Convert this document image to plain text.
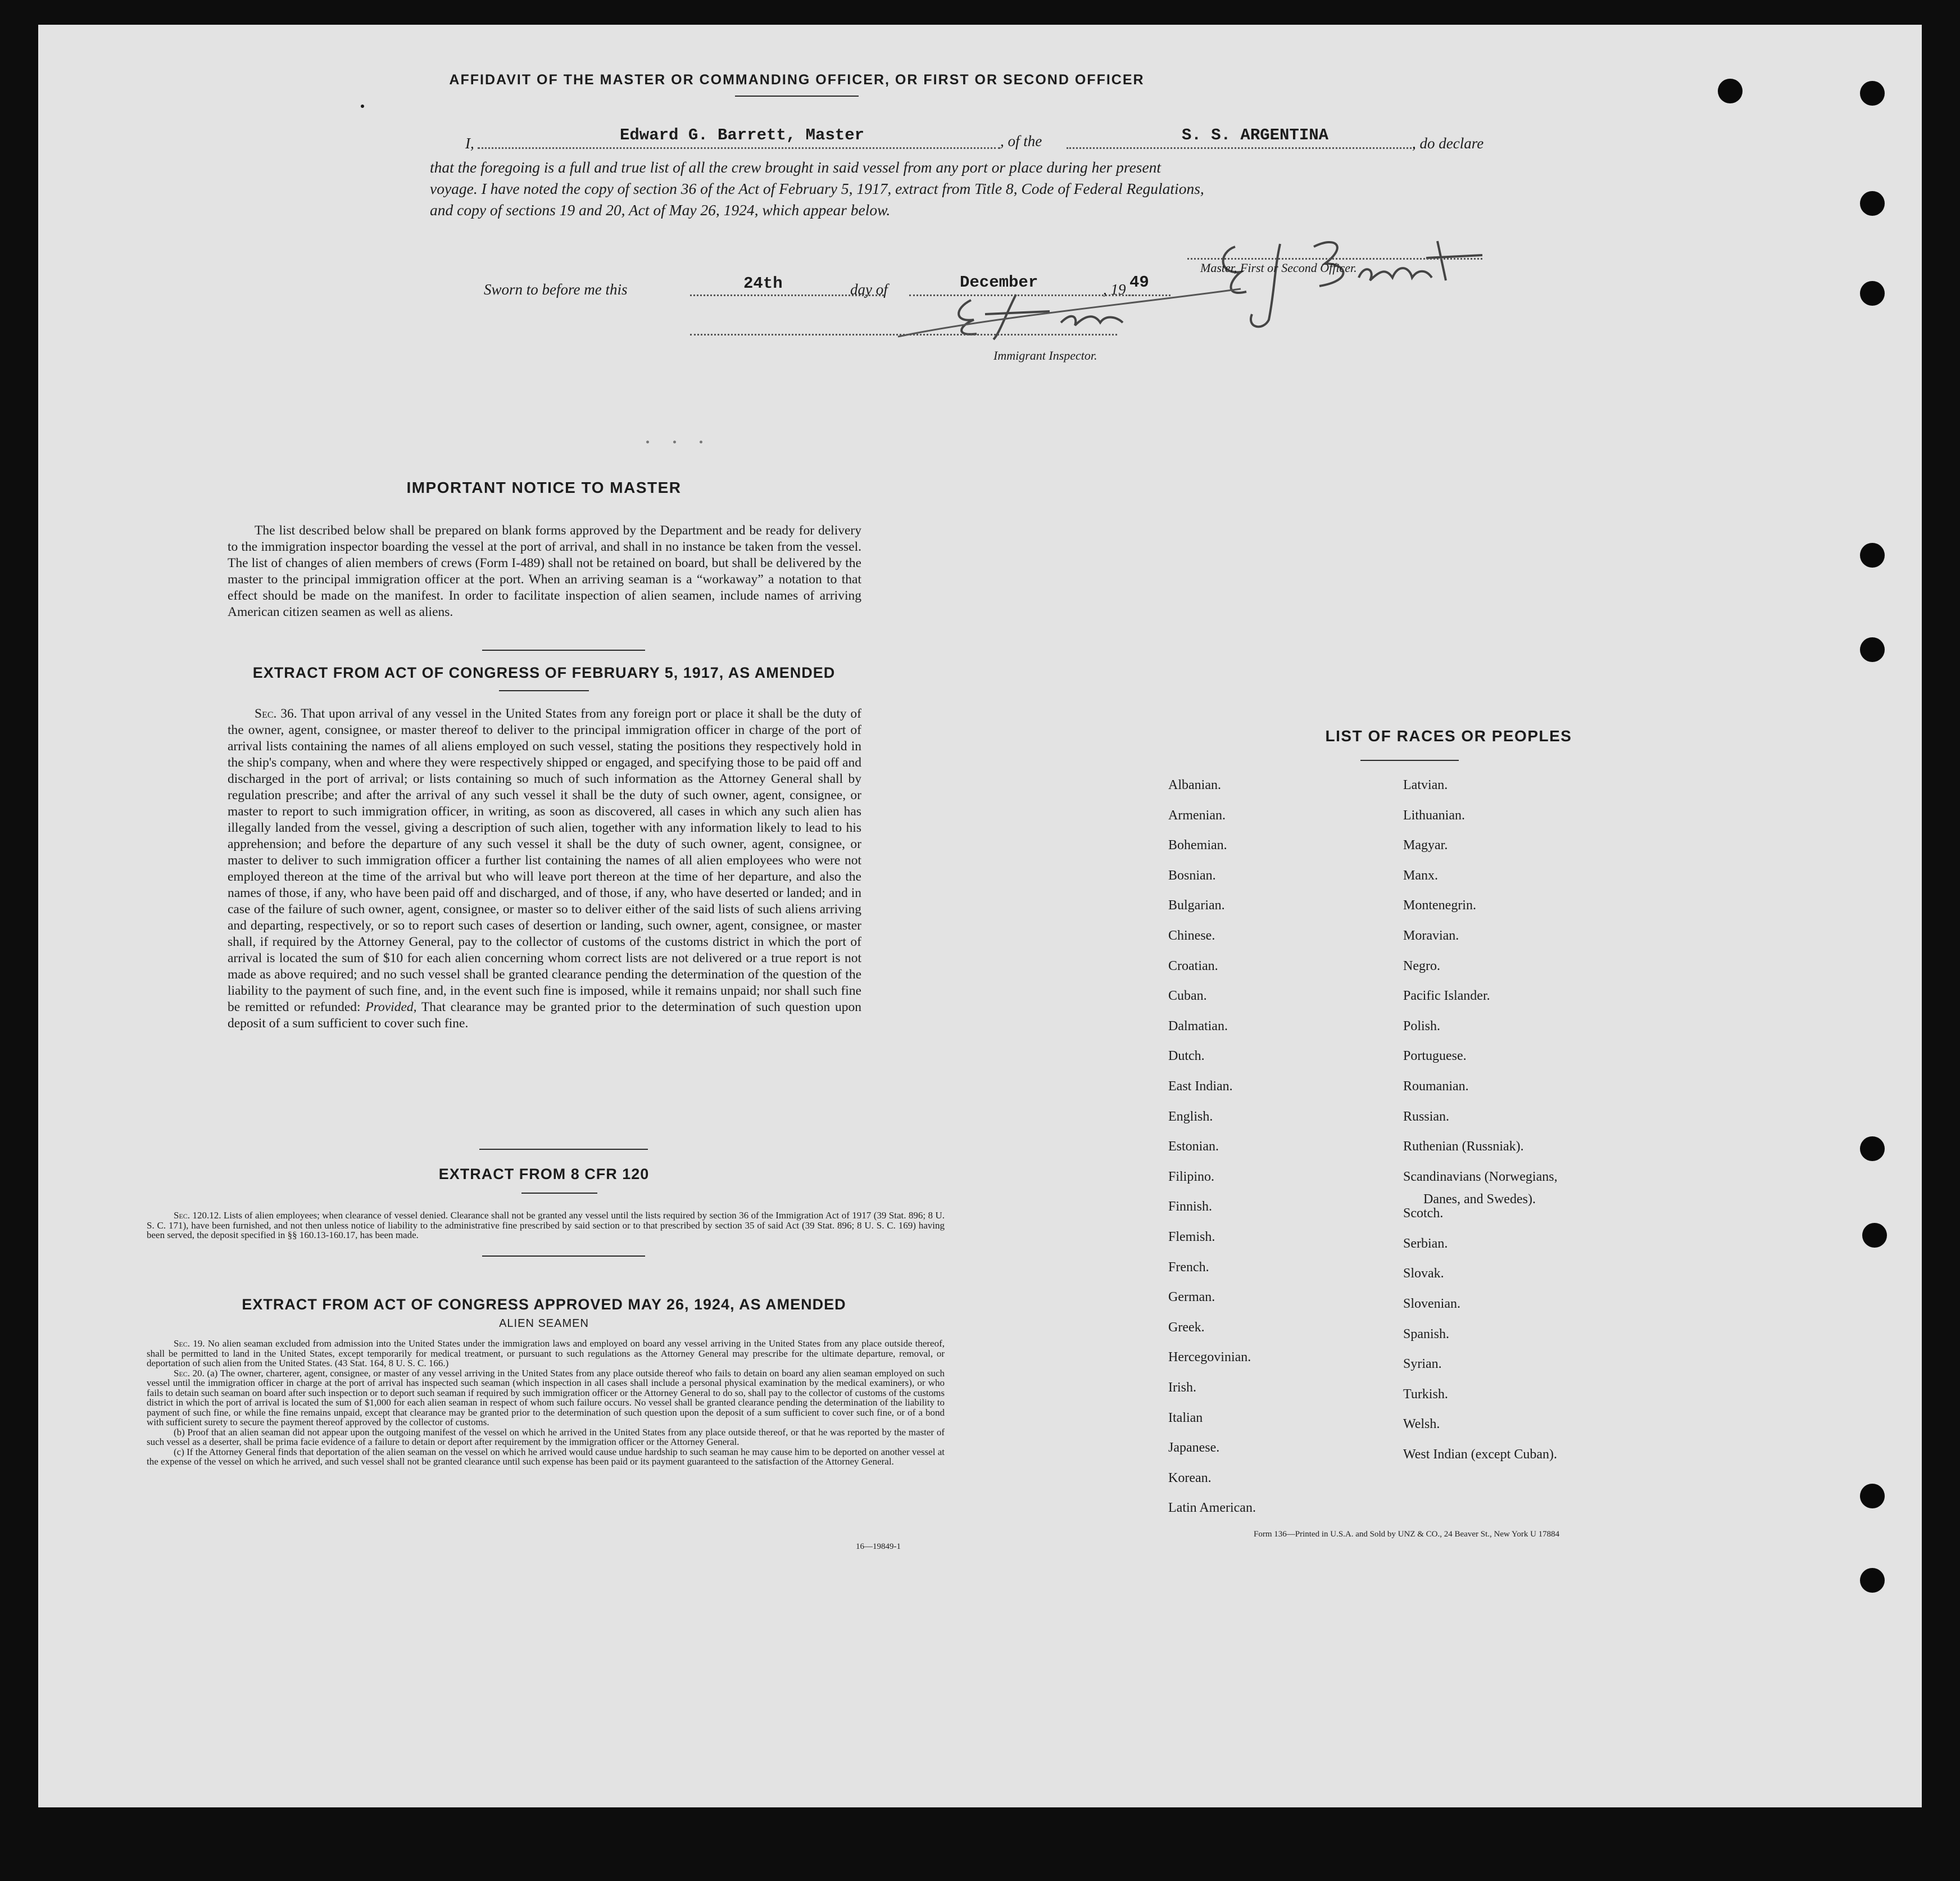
AFFIDAVIT OF THE MASTER OR COMMANDING OFFICER, OR FIRST OR SECOND OFFICER
I,	Edward G. Barrett, Master	, of the	S. S. ARGENTINA	, do declare
that the foregoing is a full and true list of all the crew brought in said vessel from any port or place during her present
voyage. I have noted the copy of section 36 of the Act of February 5, 1917, extract from Title 8, Code of Federal Regulations,
and copy of sections 19 and 20, Act of May 26, 1924, which appear below.
Master, First or Second Officer.
Sworn to before me this	24th	day of	December	, 19 49
Immigrant Inspector.
IMPORTANT NOTICE TO MASTER
The list described below shall be prepared on blank forms approved by the Department and be ready for delivery to the immigration inspector boarding the vessel at the port of arrival, and shall in no instance be taken from the vessel. The list of changes of alien members of crews (Form I-489) shall not be retained on board, but shall be delivered by the master to the principal immigration officer at the port. When an arriving seaman is a “workaway” a notation to that effect should be made on the manifest. In order to facilitate inspection of alien seamen, include names of arriving American citizen seamen as well as aliens.
EXTRACT FROM ACT OF CONGRESS OF FEBRUARY 5, 1917, AS AMENDED
Sec. 36. That upon arrival of any vessel in the United States from any foreign port or place it shall be the duty of the owner, agent, consignee, or master thereof to deliver to the principal immigration officer in charge of the port of arrival lists containing the names of all aliens employed on such vessel, stating the positions they respectively hold in the ship's company, when and where they were respectively shipped or engaged, and specifying those to be paid off and discharged in the port of arrival; or lists containing so much of such information as the Attorney General shall by regulation prescribe; and after the arrival of any such vessel it shall be the duty of such owner, agent, consignee, or master to report to such immigration officer, in writing, as soon as discovered, all cases in which any such alien has illegally landed from the vessel, giving a description of such alien, together with any information likely to lead to his apprehension; and before the departure of any such vessel it shall be the duty of such owner, agent, consignee, or master to deliver to such immigration officer a further list containing the names of all alien employees who were not employed thereon at the time of the arrival but who will leave port thereon at the time of her departure, and also the names of those, if any, who have been paid off and discharged, and of those, if any, who have deserted or landed; and in case of the failure of such owner, agent, consignee, or master so to deliver either of the said lists of such aliens arriving and departing, respectively, or so to report such cases of desertion or landing, such owner, agent, consignee, or master shall, if required by the Attorney General, pay to the collector of customs of the customs district in which the port of arrival is located the sum of $10 for each alien concerning whom correct lists are not delivered or a true report is not made as above required; and no such vessel shall be granted clearance pending the determination of the question of the liability to the payment of such fine, and, in the event such fine is imposed, while it remains unpaid; nor shall such fine be remitted or refunded: Provided, That clearance may be granted prior to the determination of such question upon deposit of a sum sufficient to cover such fine.
EXTRACT FROM 8 CFR 120
Sec. 120.12. Lists of alien employees; when clearance of vessel denied. Clearance shall not be granted any vessel until the lists required by section 36 of the Immigration Act of 1917 (39 Stat. 896; 8 U. S. C. 171), have been furnished, and not then unless notice of liability to the administrative fine prescribed by said section or to that prescribed by section 35 of said Act (39 Stat. 896; 8 U. S. C. 169) having been served, the deposit specified in §§ 160.13-160.17, has been made.
EXTRACT FROM ACT OF CONGRESS APPROVED MAY 26, 1924, AS AMENDED
ALIEN SEAMEN
Sec. 19. No alien seaman excluded from admission into the United States under the immigration laws and employed on board any vessel arriving in the United States from any place outside thereof, shall be permitted to land in the United States, except temporarily for medical treatment, or pursuant to such regulations as the Attorney General may prescribe for the ultimate departure, removal, or deportation of such alien from the United States. (43 Stat. 164, 8 U. S. C. 166.)
Sec. 20. (a) The owner, charterer, agent, consignee, or master of any vessel arriving in the United States from any place outside thereof who fails to detain on board any alien seaman employed on such vessel until the immigration officer in charge at the port of arrival has inspected such seaman (which inspection in all cases shall include a personal physical examination by the medical examiners), or who fails to detain such seaman on board after such inspection or to deport such seaman if required by such immigration officer or the Attorney General to do so, shall pay to the collector of customs of the customs district in which the port of arrival is located the sum of $1,000 for each alien seaman in respect of whom such failure occurs. No vessel shall be granted clearance pending the determination of the liability to payment of such fine, or while the fine remains unpaid, except that clearance may be granted prior to the determination of such question upon the deposit of a sum sufficient to cover such fine, or of a bond with sufficient surety to secure the payment thereof approved by the collector of customs.
(b) Proof that an alien seaman did not appear upon the outgoing manifest of the vessel on which he arrived in the United States from any place outside thereof, or that he was reported by the master of such vessel as a deserter, shall be prima facie evidence of a failure to detain or deport after requirement by the immigration officer or the Attorney General.
(c) If the Attorney General finds that deportation of the alien seaman on the vessel on which he arrived would cause undue hardship to such seaman he may cause him to be deported on another vessel at the expense of the vessel on which he arrived, and such vessel shall not be granted clearance until such expense has been paid or its payment guaranteed to the satisfaction of the Attorney General.
16—19849-1
LIST OF RACES OR PEOPLES
Albanian.
Armenian.
Bohemian.
Bosnian.
Bulgarian.
Chinese.
Croatian.
Cuban.
Dalmatian.
Dutch.
East Indian.
English.
Estonian.
Filipino.
Finnish.
Flemish.
French.
German.
Greek.
Hercegovinian.
Irish.
Italian
Japanese.
Korean.
Latin American.
Latvian.
Lithuanian.
Magyar.
Manx.
Montenegrin.
Moravian.
Negro.
Pacific Islander.
Polish.
Portuguese.
Roumanian.
Russian.
Ruthenian (Russniak).
Scandinavians (Norwegians,
Danes, and Swedes).
Scotch.
Serbian.
Slovak.
Slovenian.
Spanish.
Syrian.
Turkish.
Welsh.
West Indian (except Cuban).
Form 136—Printed in U.S.A. and Sold by UNZ & CO., 24 Beaver St., New York U 17884
